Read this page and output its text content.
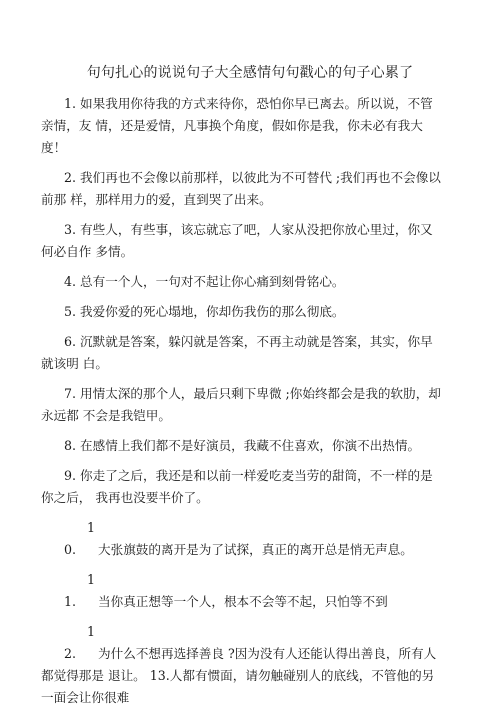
句句扎心的说说句子大全感情句句戳心的句子心累了
1. 如果我用你待我的方式来待你，恐怕你早已离去。所以说，不管亲情，友 情，还是爱情，凡事换个角度，假如你是我，你未必有我大度！
2. 我们再也不会像以前那样，以彼此为不可替代 ;我们再也不会像以前那 样，那样用力的爱，直到哭了出来。
3. 有些人，有些事，该忘就忘了吧，人家从没把你放心里过，你又何必自作 多情。
4. 总有一个人，一句对不起让你心痛到刻骨铭心。
5. 我爱你爱的死心塌地，你却伤我伤的那么彻底。
6. 沉默就是答案，躲闪就是答案，不再主动就是答案，其实，你早就该明 白。
7. 用情太深的那个人，最后只剩下卑微 ;你始终都会是我的软肋，却永远都 不会是我铠甲。
8. 在感情上我们都不是好演员，我藏不住喜欢，你演不出热情。
9. 你走了之后，我还是和以前一样爱吃麦当劳的甜筒，不一样的是你之后， 我再也没要半价了。
10. 大张旗鼓的离开是为了试探，真正的离开总是悄无声息。
11. 当你真正想等一个人，根本不会等不起，只怕等不到
12. 为什么不想再选择善良 ?因为没有人还能认得出善良，所有人都觉得那是 退让。 13.人都有惯面，请勿触碰别人的底线，不管他的另一面会让你很难
